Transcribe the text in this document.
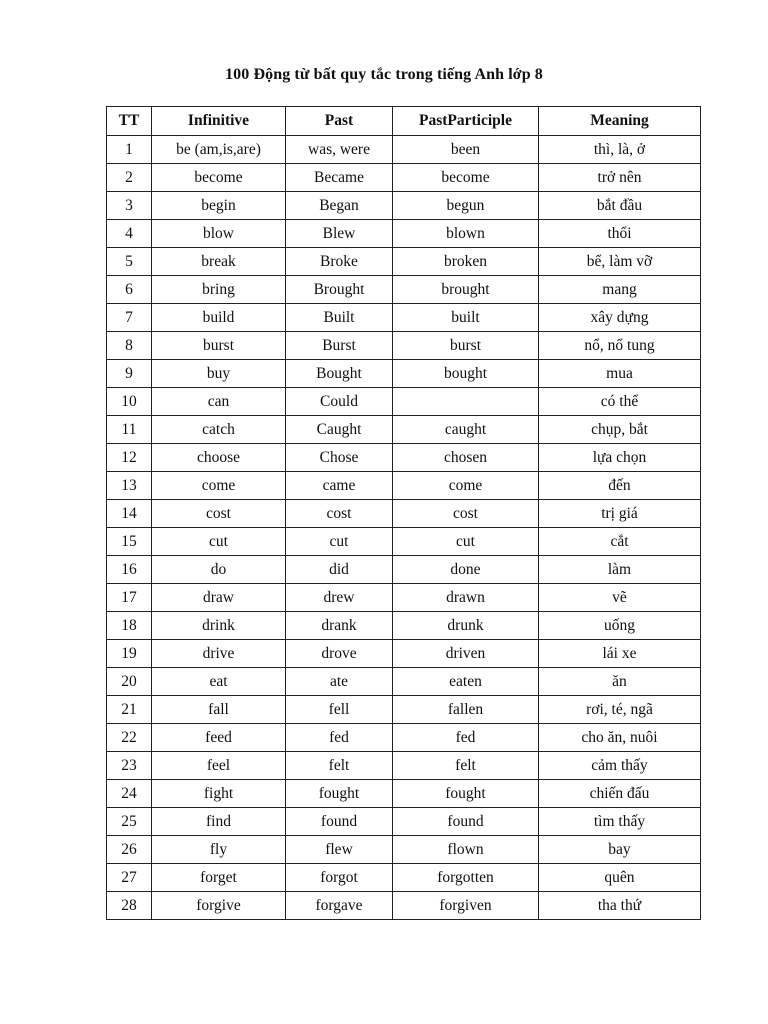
100 Động từ bất quy tắc trong tiếng Anh lớp 8
TT	Infinitive	Past	PastParticiple	Meaning
1	be (am,is,are)	was, were	been	thì, là, ở
2	become	Became	become	trở nên
3	begin	Began	begun	bắt đầu
4	blow	Blew	blown	thổi
5	break	Broke	broken	bể, làm vỡ
6	bring	Brought	brought	mang
7	build	Built	built	xây dựng
8	burst	Burst	burst	nổ, nổ tung
9	buy	Bought	bought	mua
10	can	Could		có thể
11	catch	Caught	caught	chụp, bắt
12	choose	Chose	chosen	lựa chọn
13	come	came	come	đến
14	cost	cost	cost	trị giá
15	cut	cut	cut	cắt
16	do	did	done	làm
17	draw	drew	drawn	vẽ
18	drink	drank	drunk	uống
19	drive	drove	driven	lái xe
20	eat	ate	eaten	ăn
21	fall	fell	fallen	rơi, té, ngã
22	feed	fed	fed	cho ăn, nuôi
23	feel	felt	felt	cảm thấy
24	fight	fought	fought	chiến đấu
25	find	found	found	tìm thấy
26	fly	flew	flown	bay
27	forget	forgot	forgotten	quên
28	forgive	forgave	forgiven	tha thứ
